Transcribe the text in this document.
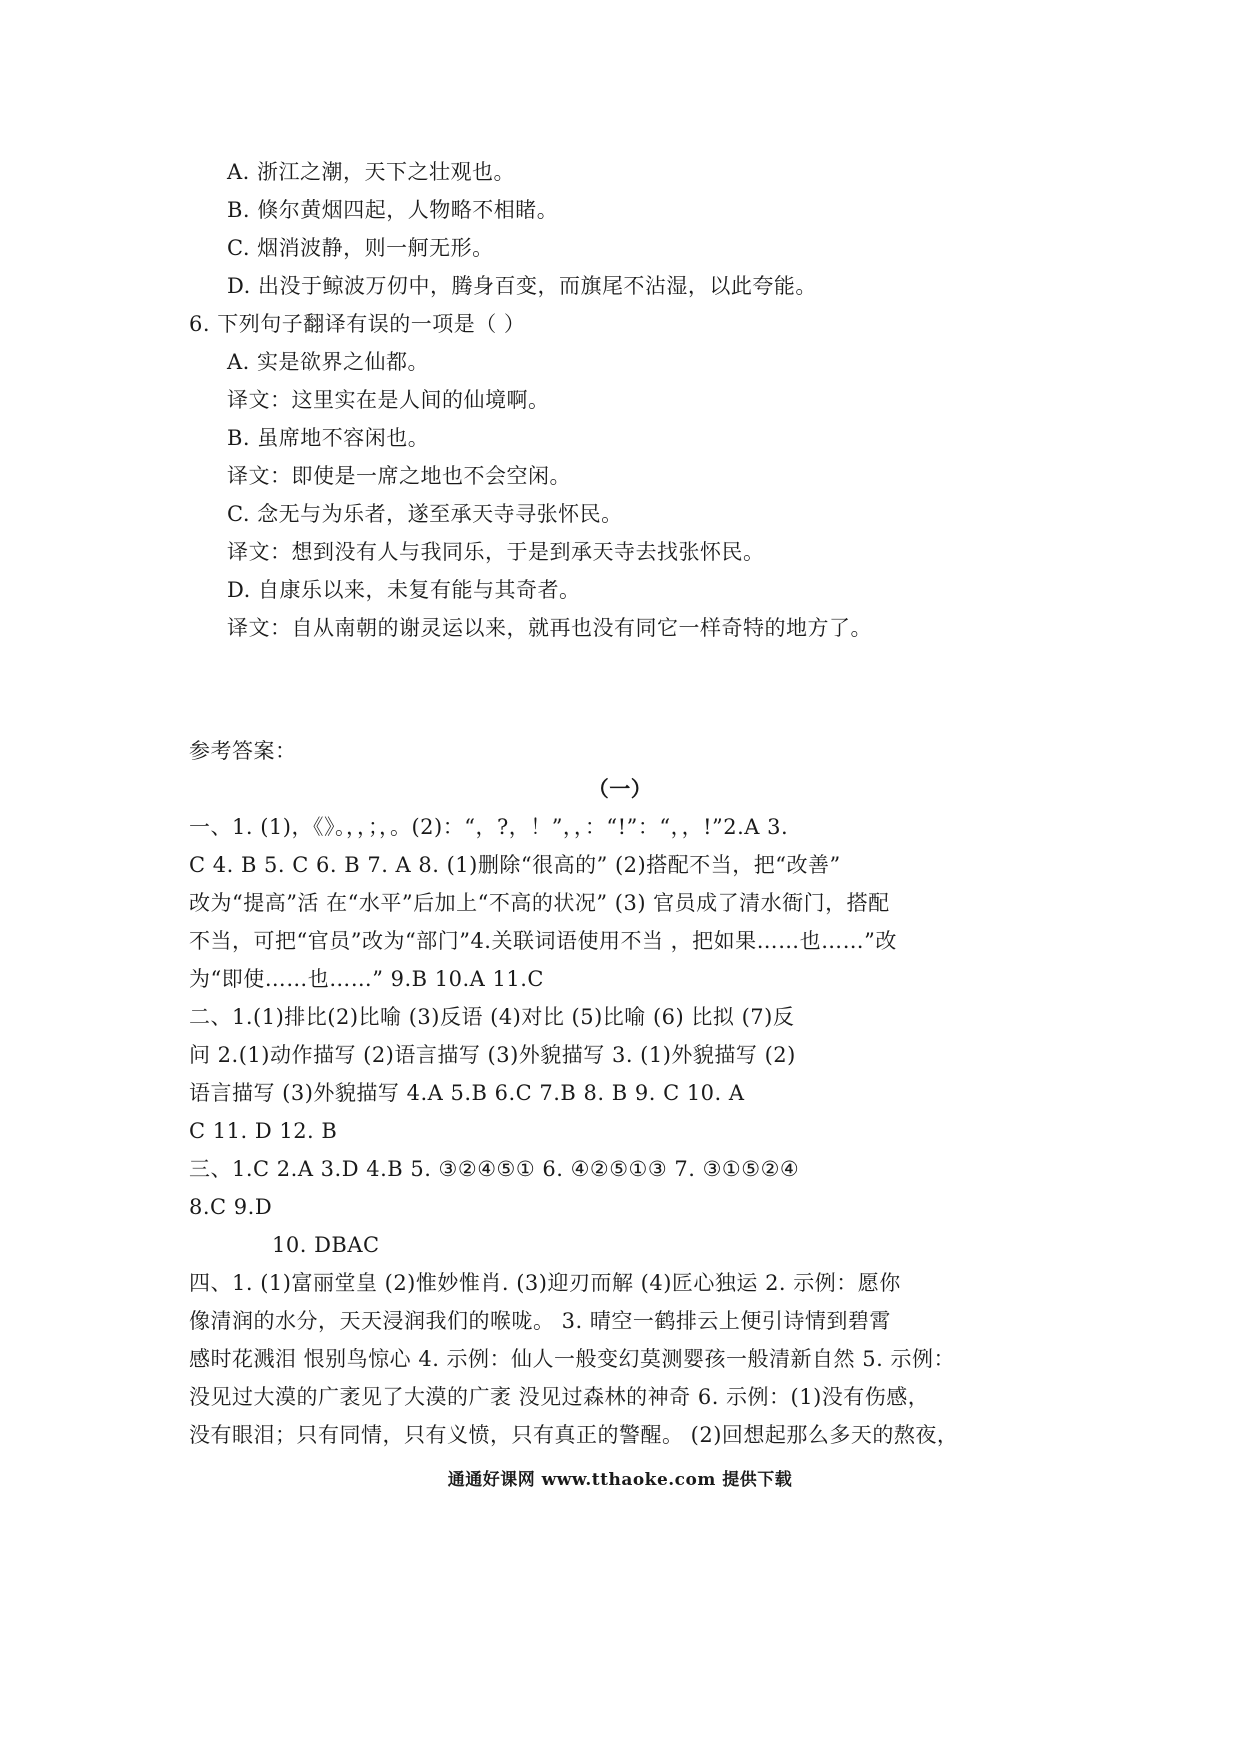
A. 浙江之潮，天下之壮观也。
B. 倏尔黄烟四起，人物略不相睹。
C. 烟消波静，则一舸无形。
D. 出没于鲸波万仞中，腾身百变，而旗尾不沾湿，以此夸能。
6. 下列句子翻译有误的一项是（ ）
A. 实是欲界之仙都。
译文：这里实在是人间的仙境啊。
B. 虽席地不容闲也。
译文：即使是一席之地也不会空闲。
C. 念无与为乐者，遂至承天寺寻张怀民。
译文：想到没有人与我同乐，于是到承天寺去找张怀民。
D. 自康乐以来，未复有能与其奇者。
译文：自从南朝的谢灵运以来，就再也没有同它一样奇特的地方了。
参考答案：
（一）
一、1. (1)，《》。，，；，。(2)：“，?，！”，，：“!”：“，，!”2.A 3.
C 4. B 5. C 6. B 7. A 8. (1)删除“很高的” (2)搭配不当，把“改善”
改为“提高”活 在“水平”后加上“不高的状况” (3) 官员成了清水衙门，搭配
不当，可把“官员”改为“部门”4.关联词语使用不当 ，把如果……也……”改
为“即使……也……” 9.B 10.A 11.C
二、1.(1)排比(2)比喻 (3)反语 (4)对比 (5)比喻 (6) 比拟 (7)反
问 2.(1)动作描写 (2)语言描写 (3)外貌描写 3. (1)外貌描写 (2)
语言描写 (3)外貌描写 4.A 5.B 6.C 7.B 8. B 9. C 10. A
C 11. D 12. B
三、1.C 2.A 3.D 4.B 5. ③②④⑤① 6. ④②⑤①③ 7. ③①⑤②④
8.C 9.D
10. DBAC
四、1. (1)富丽堂皇 (2)惟妙惟肖. (3)迎刃而解 (4)匠心独运 2. 示例：愿你
像清润的水分，天天浸润我们的喉咙。 3. 晴空一鹤排云上便引诗情到碧霄
感时花溅泪 恨别鸟惊心 4. 示例：仙人一般变幻莫测婴孩一般清新自然 5. 示例：
没见过大漠的广袤见了大漠的广袤 没见过森林的神奇 6. 示例：(1)没有伤感，
没有眼泪；只有同情，只有义愤，只有真正的警醒。 (2)回想起那么多天的熬夜，
通通好课网 www.tthaoke.com 提供下载
